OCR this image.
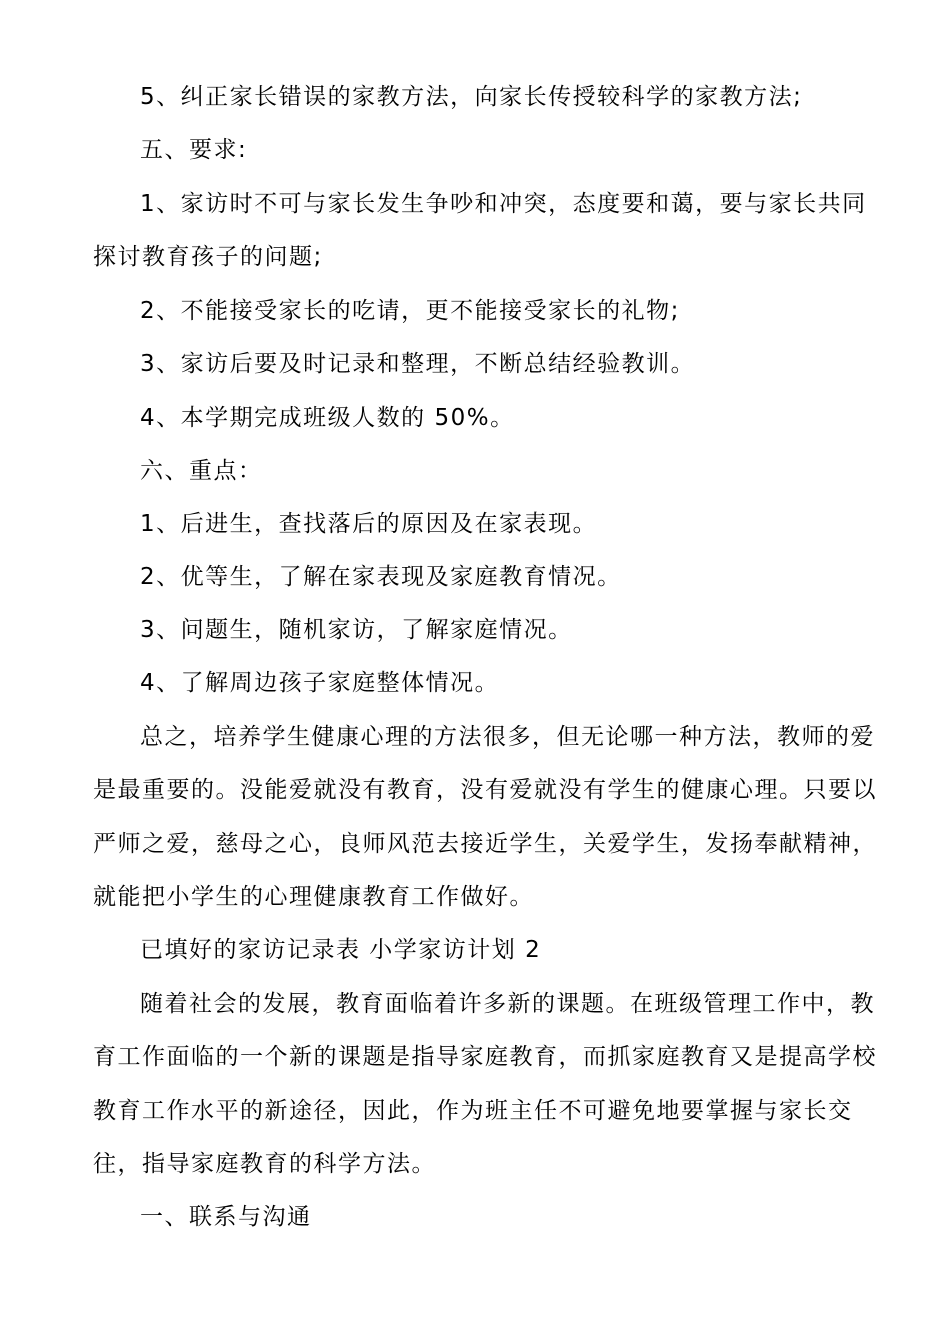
5、纠正家长错误的家教方法，向家长传授较科学的家教方法;
五、要求:
1、家访时不可与家长发生争吵和冲突，态度要和蔼，要与家长共同
探讨教育孩子的问题;
2、不能接受家长的吃请，更不能接受家长的礼物;
3、家访后要及时记录和整理，不断总结经验教训。
4、本学期完成班级人数的 50%。
六、重点：
1、后进生，查找落后的原因及在家表现。
2、优等生，了解在家表现及家庭教育情况。
3、问题生，随机家访，了解家庭情况。
4、了解周边孩子家庭整体情况。
总之，培养学生健康心理的方法很多，但无论哪一种方法，教师的爱
是最重要的。没能爱就没有教育，没有爱就没有学生的健康心理。只要以
严师之爱，慈母之心，良师风范去接近学生，关爱学生，发扬奉献精神，
就能把小学生的心理健康教育工作做好。
已填好的家访记录表 小学家访计划 2
随着社会的发展，教育面临着许多新的课题。在班级管理工作中，教
育工作面临的一个新的课题是指导家庭教育，而抓家庭教育又是提高学校
教育工作水平的新途径，因此，作为班主任不可避免地要掌握与家长交
往，指导家庭教育的科学方法。
一、联系与沟通
